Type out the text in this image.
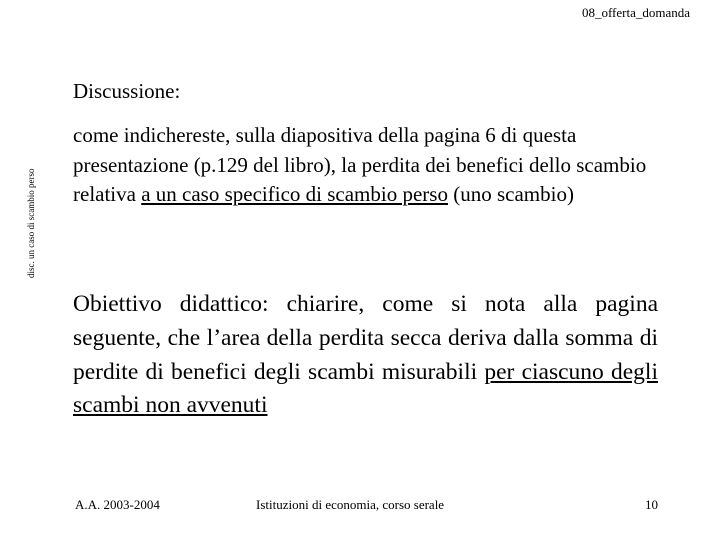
08_offerta_domanda
disc. un caso di scambio perso
Discussione:
come indichereste, sulla diapositiva della pagina 6 di questa presentazione (p.129 del libro), la perdita dei benefici dello scambio relativa a un caso specifico di scambio perso (uno scambio)
Obiettivo didattico: chiarire, come si nota alla pagina seguente, che l’area della perdita secca deriva dalla somma di perdite di benefici degli scambi misurabili per ciascuno degli scambi non avvenuti
A.A. 2003-2004	Istituzioni di economia, corso serale	10
